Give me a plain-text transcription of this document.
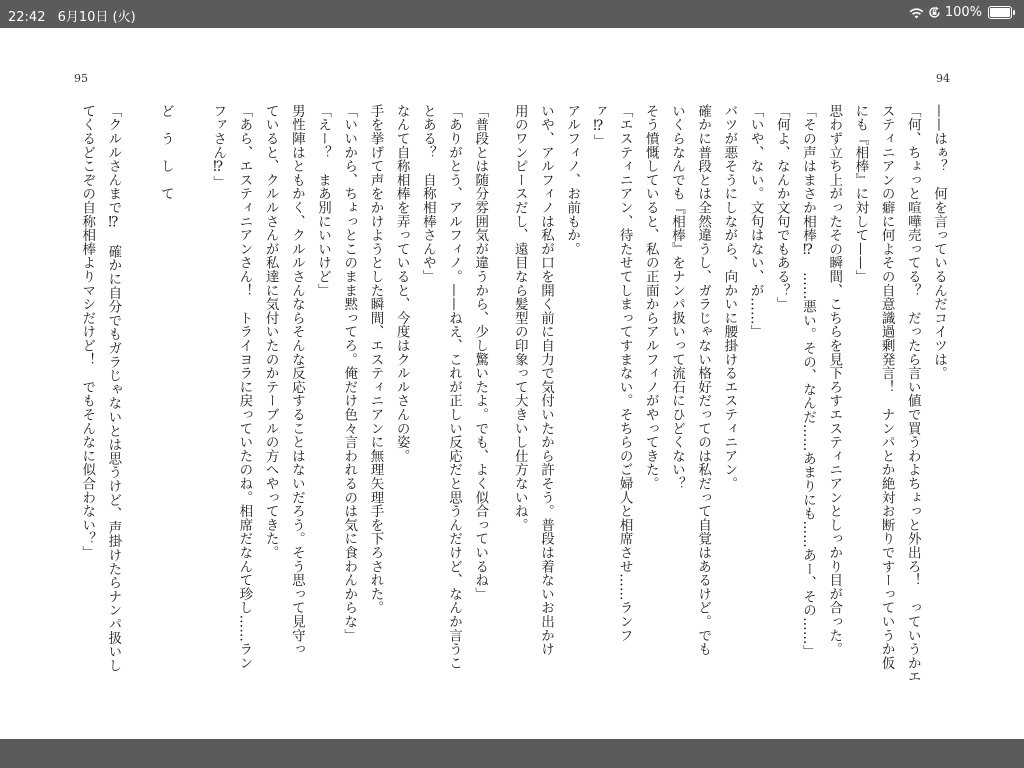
22:42 6月10日 (火)	100%
94
——はぁ？　何を言っているんだコイツは。
「何、ちょっと喧嘩売ってる？　だったら言い値で買うわよちょっと外出ろ！　っていうかエ
スティニアンの癖に何よその自意識過剰発言！　ナンパとか絶対お断りですーっていうか仮
にも『相棒』に対して——」
思わず立ち上がったその瞬間、こちらを見下ろすエスティニアンとしっかり目が合った。
「その声はまさか相棒⁉　……悪い。その、なんだ……あまりにも……あー、その……」
「何よ、なんか文句でもある？」
「いや、ない。文句はない、が……」
バツが悪そうにしながら、向かいに腰掛けるエスティニアン。
確かに普段とは全然違うし、ガラじゃない格好だってのは私だって自覚はあるけど。でも
いくらなんでも『相棒』をナンパ扱いって流石にひどくない？
そう憤慨していると、私の正面からアルフィノがやってきた。
「エスティニアン、待たせてしまってすまない。そちらのご婦人と相席させ……ランフ
ァ⁉」
アルフィノ、お前もか。
いや、アルフィノは私が口を開く前に自力で気付いたから許そう。普段は着ないお出かけ
用のワンピースだし、遠目なら髪型の印象って大きいし仕方ないね。
95
「普段とは随分雰囲気が違うから、少し驚いたよ。でも、よく似合っているね」
「ありがとう、アルフィノ。——ねえ、これが正しい反応だと思うんだけど、なんか言うこ
とある？　自称相棒さんや」
なんて自称相棒を弄っていると、今度はクルルさんの姿。
手を挙げて声をかけようとした瞬間、エスティニアンに無理矢理手を下ろされた。
「いいから、ちょっとこのまま黙ってろ。俺だけ色々言われるのは気に食わんからな」
「えー？　まあ別にいいけど」
男性陣はともかく、クルルさんならそんな反応することはないだろう。そう思って見守っ
ていると、クルルさんが私達に気付いたのかテーブルの方へやってきた。
「あら、エスティニアンさん！　トライヨラに戻っていたのね。相席だなんて珍し……ラン
ファさん⁉」

ど　う　し　て

「クルルさんまで⁉　確かに自分でもガラじゃないとは思うけど、声掛けたらナンパ扱いし
てくるどこぞの自称相棒よりマシだけど！　でもそんなに似合わない？」
